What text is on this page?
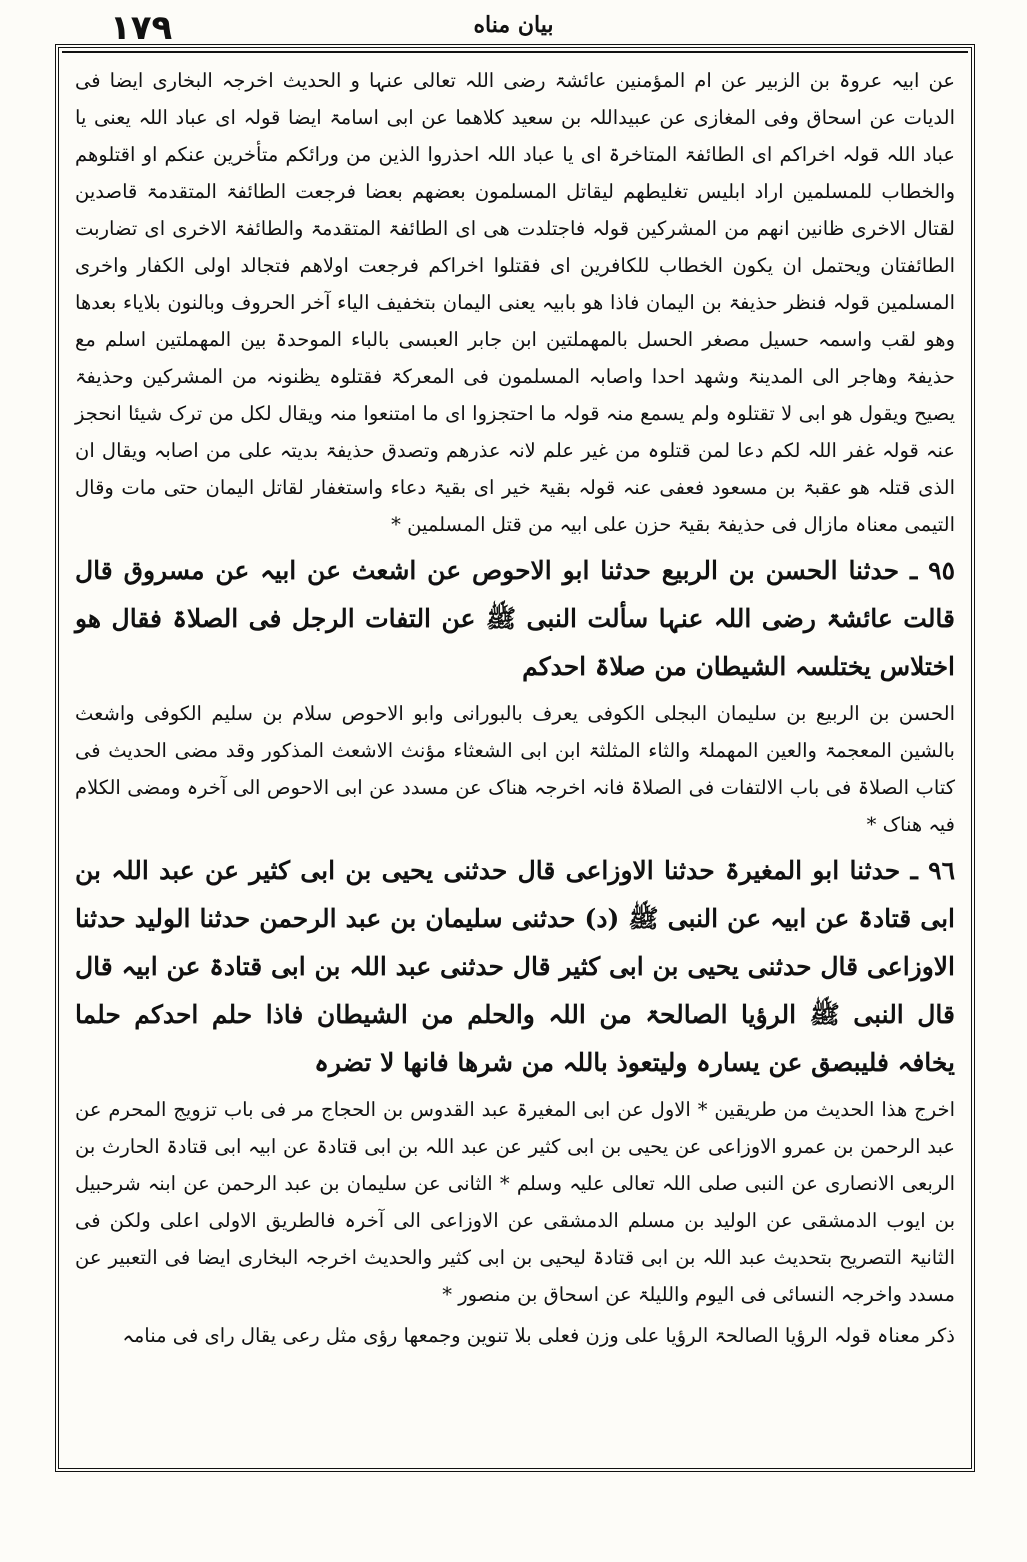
١٧٩	بیان مناه

عن ابیہ عروۃ بن الزبیر عن ام المؤمنین عائشۃ رضی اللہ تعالی عنہا و الحدیث اخرجہ البخاری ایضا فی الدیات عن اسحاق وفی المغازی عن عبیداللہ بن سعید کلاھما عن ابی اسامۃ ایضا قولہ ای عباد اللہ یعنی یا عباد اللہ قولہ اخراکم ای الطائفۃ المتاخرۃ ای یا عباد اللہ احذروا الذین من ورائکم متأخرین عنکم او اقتلوھم والخطاب للمسلمین اراد ابلیس تغلیطھم لیقاتل المسلمون بعضھم بعضا فرجعت الطائفۃ المتقدمۃ قاصدین لقتال الاخری ظانین انھم من المشرکین قولہ فاجتلدت ھی ای الطائفۃ المتقدمۃ والطائفۃ الاخری ای تضاربت الطائفتان ویحتمل ان یکون الخطاب للکافرین ای فقتلوا اخراکم فرجعت اولاھم فتجالد اولی الکفار واخری المسلمین قولہ فنظر حذیفۃ بن الیمان فاذا ھو بابیہ یعنی الیمان بتخفیف الیاء آخر الحروف وبالنون بلایاء بعدھا وھو لقب واسمہ حسیل مصغر الحسل بالمھملتین ابن جابر العبسی بالباء الموحدۃ بین المھملتین اسلم مع حذیفۃ وھاجر الی المدینۃ وشھد احدا واصابہ المسلمون فی المعرکۃ فقتلوہ یظنونہ من المشرکین وحذیفۃ یصیح ویقول ھو ابی لا تقتلوہ ولم یسمع منہ قولہ ما احتجزوا ای ما امتنعوا منہ ویقال لکل من ترک شیئا انحجز عنہ قولہ غفر اللہ لکم دعا لمن قتلوہ من غیر علم لانہ عذرھم وتصدق حذیفۃ بدیتہ علی من اصابہ ویقال ان الذی قتلہ ھو عقبۃ بن مسعود فعفی عنہ قولہ بقیۃ خیر ای بقیۃ دعاء واستغفار لقاتل الیمان حتی مات وقال التیمی معناہ مازال فی حذیفۃ بقیۃ حزن علی ابیہ من قتل المسلمین *

٩٥ ـ حدثنا الحسن بن الربیع حدثنا ابو الاحوص عن اشعث عن ابیہ عن مسروق قال قالت عائشۃ رضی اللہ عنہا سألت النبی ﷺ عن التفات الرجل فی الصلاۃ فقال ھو اختلاس یختلسہ الشیطان من صلاۃ احدکم

الحسن بن الربیع بن سلیمان البجلی الکوفی یعرف بالبورانی وابو الاحوص سلام بن سلیم الکوفی واشعث بالشین المعجمۃ والعین المھملۃ والثاء المثلثۃ ابن ابی الشعثاء مؤنث الاشعث المذکور وقد مضی الحدیث فی کتاب الصلاۃ فی باب الالتفات فی الصلاۃ فانہ اخرجہ ھناک عن مسدد عن ابی الاحوص الی آخرہ ومضی الکلام فیہ ھناک *

٩٦ ـ حدثنا ابو المغیرۃ حدثنا الاوزاعی قال حدثنی یحیی بن ابی کثیر عن عبد اللہ بن ابی قتادۃ عن ابیہ عن النبی ﷺ (د) حدثنی سلیمان بن عبد الرحمن حدثنا الولید حدثنا الاوزاعی قال حدثنی یحیی بن ابی کثیر قال حدثنی عبد اللہ بن ابی قتادۃ عن ابیہ قال قال النبی ﷺ الرؤیا الصالحۃ من اللہ والحلم من الشیطان فاذا حلم احدکم حلما یخافہ فلیبصق عن یسارہ ولیتعوذ باللہ من شرھا فانھا لا تضرہ

اخرج ھذا الحدیث من طریقین * الاول عن ابی المغیرۃ عبد القدوس بن الحجاج مر فی باب تزویج المحرم عن عبد الرحمن بن عمرو الاوزاعی عن یحیی بن ابی کثیر عن عبد اللہ بن ابی قتادۃ عن ابیہ ابی قتادۃ الحارث بن الربعی الانصاری عن النبی صلی اللہ تعالی علیہ وسلم * الثانی عن سلیمان بن عبد الرحمن عن ابنہ شرحبیل بن ایوب الدمشقی عن الولید بن مسلم الدمشقی عن الاوزاعی الی آخرہ فالطریق الاولی اعلی ولکن فی الثانیۃ التصریح بتحدیث عبد اللہ بن ابی قتادۃ لیحیی بن ابی کثیر والحدیث اخرجہ البخاری ایضا فی التعبیر عن مسدد واخرجہ النسائی فی الیوم واللیلۃ عن اسحاق بن منصور *

ذکر معناہ قولہ الرؤیا الصالحۃ الرؤیا علی وزن فعلی بلا تنوین وجمعھا رؤی مثل رعی یقال رای فی منامہ
